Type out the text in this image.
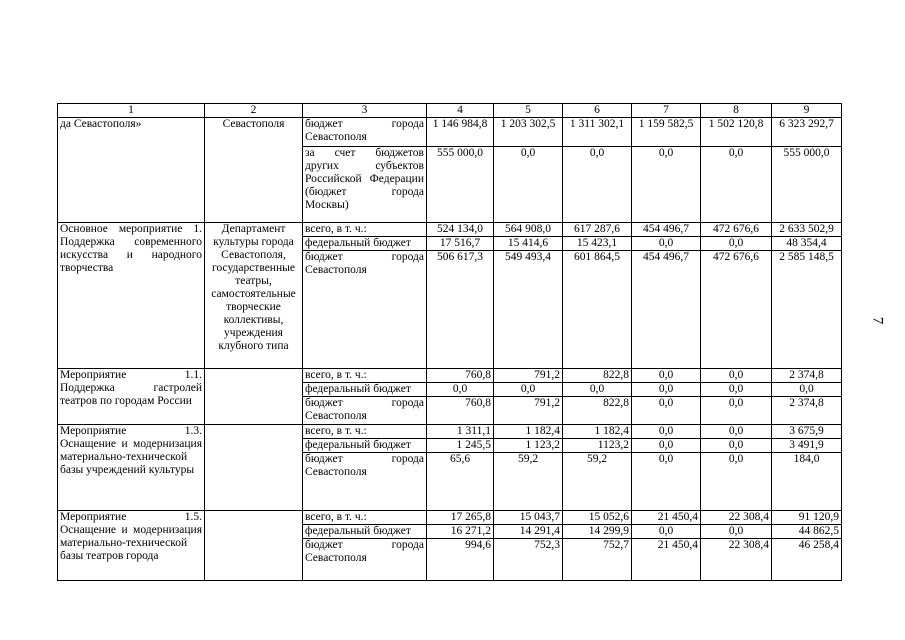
7
1	2	3	4	5	6	7	8	9
да Севастополя»	Севастополя	бюджет города Севастополя	1 146 984,8	1 203 302,5	1 311 302,1	1 159 582,5	1 502 120,8	6 323 292,7
		за счет бюджетов других субъектов Российской Федерации (бюджет города Москвы)	555 000,0	0,0	0,0	0,0	0,0	555 000,0
Основное мероприятие 1. Поддержка современного искусства и народного творчества	Департамент культуры города Севастополя, государственные театры, самостоятельные творческие коллективы, учреждения клубного типа	всего, в т. ч.:	524 134,0	564 908,0	617 287,6	454 496,7	472 676,6	2 633 502,9
		федеральный бюджет	17 516,7	15 414,6	15 423,1	0,0	0,0	48 354,4
		бюджет города Севастополя	506 617,3	549 493,4	601 864,5	454 496,7	472 676,6	2 585 148,5
Мероприятие 1.1. Поддержка гастролей театров по городам России		всего, в т. ч.:	760,8	791,2	822,8	0,0	0,0	2 374,8
		федеральный бюджет	0,0	0,0	0,0	0,0	0,0	0,0
		бюджет города Севастополя	760,8	791,2	822,8	0,0	0,0	2 374,8
Мероприятие 1.3. Оснащение и модернизация материально-технической базы учреждений культуры		всего, в т. ч.:	1 311,1	1 182,4	1 182,4	0,0	0,0	3 675,9
		федеральный бюджет	1 245,5	1 123,2	1123,2	0,0	0,0	3 491,9
		бюджет города Севастополя	65,6	59,2	59,2	0,0	0,0	184,0
Мероприятие 1.5. Оснащение и модернизация материально-технической базы театров города		всего, в т. ч.:	17 265,8	15 043,7	15 052,6	21 450,4	22 308,4	91 120,9
		федеральный бюджет	16 271,2	14 291,4	14 299,9	0,0	0,0	44 862,5
		бюджет города Севастополя	994,6	752,3	752,7	21 450,4	22 308,4	46 258,4
